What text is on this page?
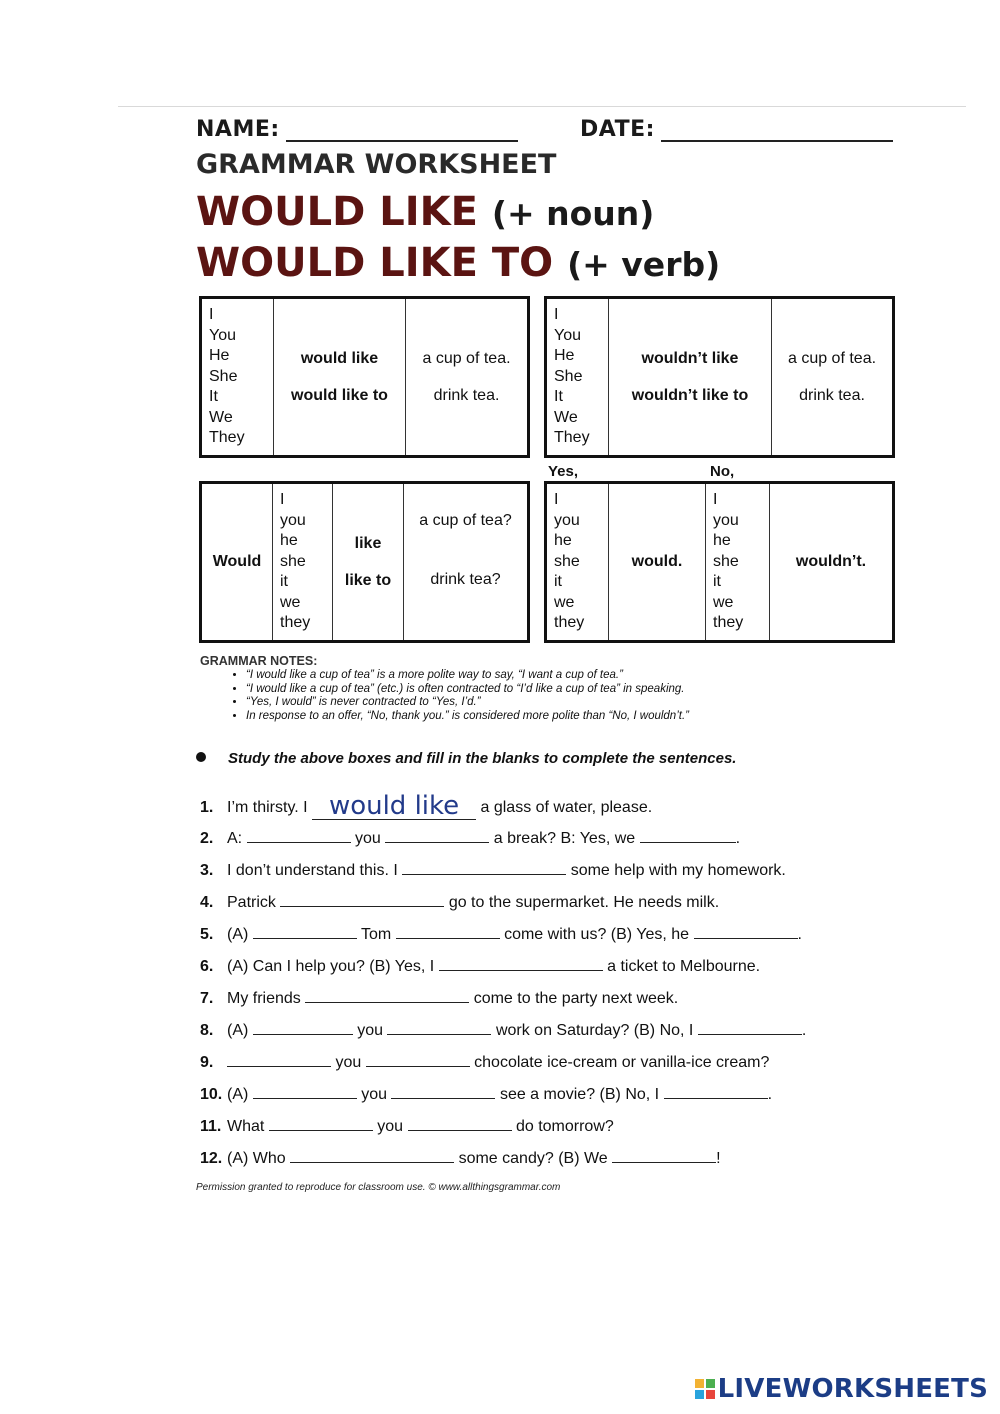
NAME:	DATE:
GRAMMAR WORKSHEET
WOULD LIKE (+ noun)
WOULD LIKE TO (+ verb)
I
You
He
She
It
We
They

would like
would like to

a cup of tea.
drink tea.
I
You
He
She
It
We
They

wouldn’t like
wouldn’t like to

a cup of tea.
drink tea.
Yes,	No,
Would	
I
you
he
she
it
we
they

like
like to

a cup of tea?
drink tea?
I
you
he
she
it
we
they
	would.	
I
you
he
she
it
we
they
	wouldn’t.
GRAMMAR NOTES:
• “I would like a cup of tea” is a more polite way to say, “I want a cup of tea.”
• “I would like a cup of tea” (etc.) is often contracted to “I’d like a cup of tea” in speaking.
• “Yes, I would” is never contracted to “Yes, I’d.”
• In response to an offer, “No, thank you.” is considered more polite than “No, I wouldn’t.”
Study the above boxes and fill in the blanks to complete the sentences.
1. I’m thirsty. I would like a glass of water, please.
2. A:	you	a break? B: Yes, we	.
3. I don’t understand this. I	some help with my homework.
4. Patrick	go to the supermarket. He needs milk.
5. (A)	Tom	come with us? (B) Yes, he	.
6. (A) Can I help you? (B) Yes, I	a ticket to Melbourne.
7. My friends	come to the party next week.
8. (A)	you	work on Saturday? (B) No, I	.
9.	you	chocolate ice-cream or vanilla-ice cream?
10. (A)	you	see a movie? (B) No, I	.
11. What	you	do tomorrow?
12. (A) Who	some candy? (B) We	!
Permission granted to reproduce for classroom use. © www.allthingsgrammar.com
LIVEWORKSHEETS
